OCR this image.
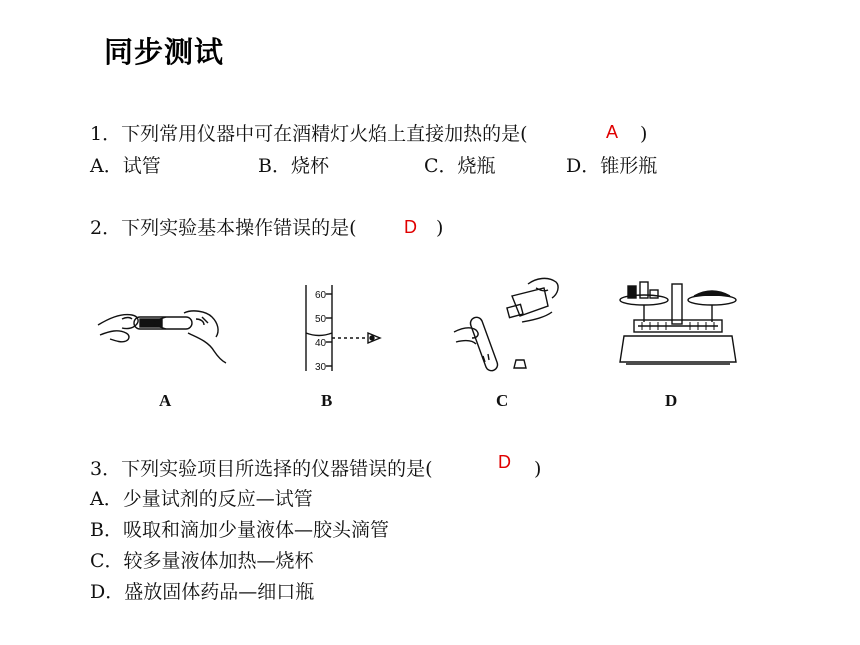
同步测试
1．下列常用仪器中可在酒精灯火焰上直接加热的是(	A )
A．试管	B．烧杯	C．烧瓶	D．锥形瓶
2．下列实验基本操作错误的是(	D )
60
50
40
30
A	B	C	D
3．下列实验项目所选择的仪器错误的是(	D )
A．少量试剂的反应—试管
B．吸取和滴加少量液体—胶头滴管
C．较多量液体加热—烧杯
D．盛放固体药品—细口瓶
